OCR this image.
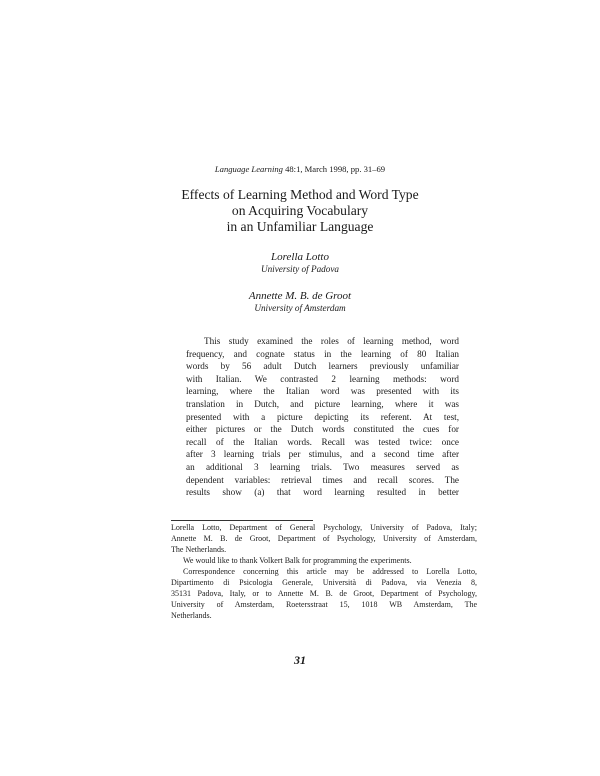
Language Learning 48:1, March 1998, pp. 31–69
Effects of Learning Method and Word Type
on Acquiring Vocabulary
in an Unfamiliar Language
Lorella Lotto
University of Padova
Annette M. B. de Groot
University of Amsterdam
This study examined the roles of learning method, word
frequency, and cognate status in the learning of 80 Italian
words by 56 adult Dutch learners previously unfamiliar
with Italian. We contrasted 2 learning methods: word
learning, where the Italian word was presented with its
translation in Dutch, and picture learning, where it was
presented with a picture depicting its referent. At test,
either pictures or the Dutch words constituted the cues for
recall of the Italian words. Recall was tested twice: once
after 3 learning trials per stimulus, and a second time after
an additional 3 learning trials. Two measures served as
dependent variables: retrieval times and recall scores. The
results show (a) that word learning resulted in better
Lorella Lotto, Department of General Psychology, University of Padova, Italy;
Annette M. B. de Groot, Department of Psychology, University of Amsterdam,
The Netherlands.
We would like to thank Volkert Balk for programming the experiments.
Correspondence concerning this article may be addressed to Lorella Lotto,
Dipartimento di Psicologia Generale, Università di Padova, via Venezia 8,
35131 Padova, Italy, or to Annette M. B. de Groot, Department of Psychology,
University of Amsterdam, Roetersstraat 15, 1018 WB Amsterdam, The
Netherlands.
31
